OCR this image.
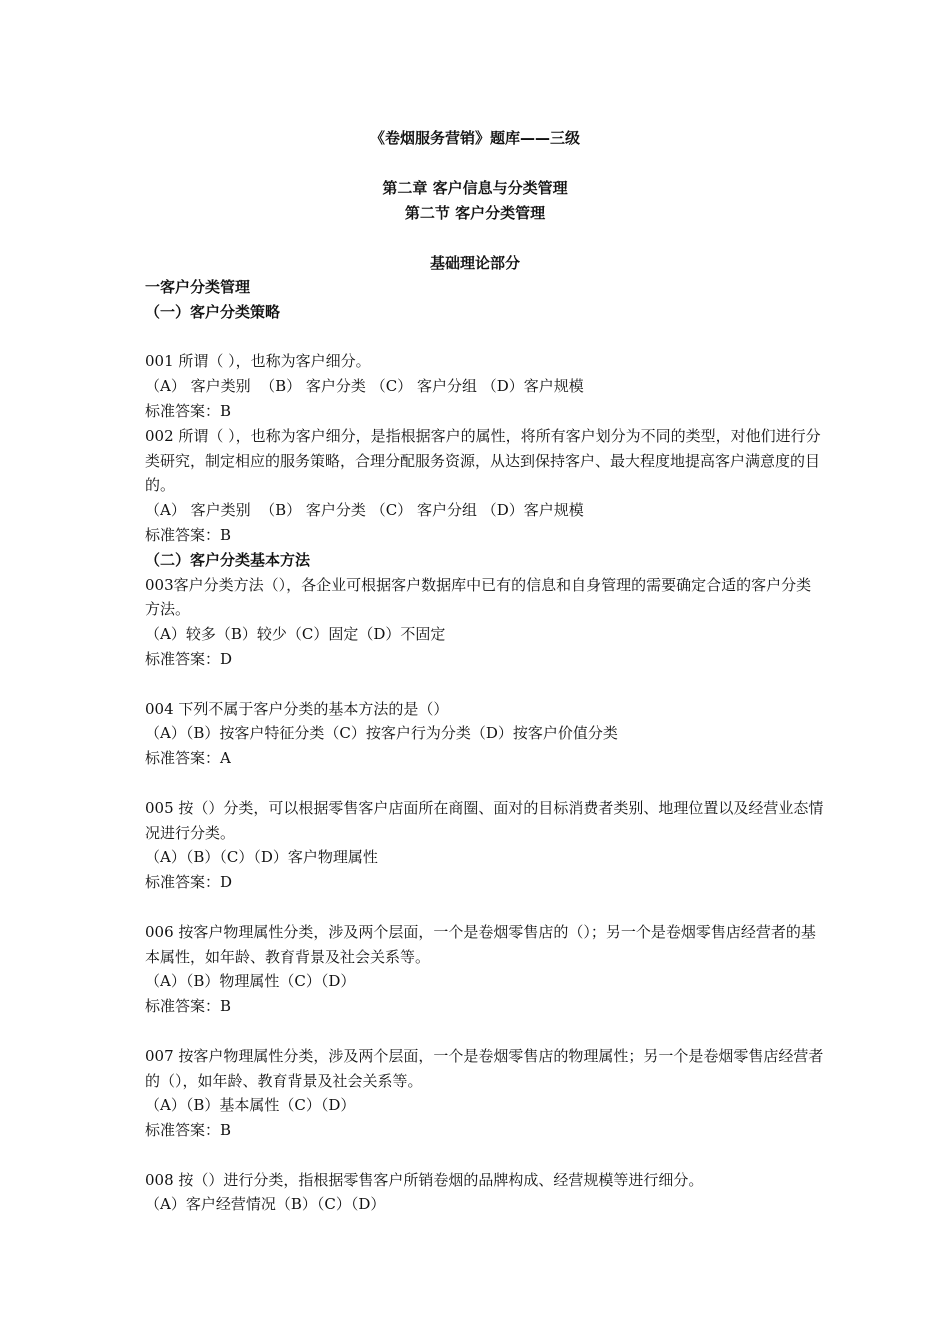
《卷烟服务营销》题库——三级
第二章 客户信息与分类管理
第二节 客户分类管理
基础理论部分
一客户分类管理
（一）客户分类策略
001 所谓（ ），也称为客户细分。
（A） 客户类别  （B） 客户分类 （C） 客户分组 （D）客户规模
标准答案：B
002 所谓（ ），也称为客户细分，是指根据客户的属性，将所有客户划分为不同的类型，对他们进行分类研究，制定相应的服务策略，合理分配服务资源，从达到保持客户、最大程度地提高客户满意度的目的。
（A） 客户类别  （B） 客户分类 （C） 客户分组 （D）客户规模
标准答案：B
（二）客户分类基本方法
003客户分类方法（），各企业可根据客户数据库中已有的信息和自身管理的需要确定合适的客户分类方法。
（A）较多（B）较少（C）固定（D）不固定
标准答案：D
004 下列不属于客户分类的基本方法的是（）
（A）（B）按客户特征分类（C）按客户行为分类（D）按客户价值分类
标准答案：A
005 按（）分类，可以根据零售客户店面所在商圈、面对的目标消费者类别、地理位置以及经营业态情况进行分类。
（A）（B）（C）（D）客户物理属性
标准答案：D
006 按客户物理属性分类，涉及两个层面，一个是卷烟零售店的（）；另一个是卷烟零售店经营者的基本属性，如年龄、教育背景及社会关系等。
（A）（B）物理属性（C）（D）
标准答案：B
007 按客户物理属性分类，涉及两个层面，一个是卷烟零售店的物理属性；另一个是卷烟零售店经营者的（），如年龄、教育背景及社会关系等。
（A）（B）基本属性（C）（D）
标准答案：B
008 按（）进行分类，指根据零售客户所销卷烟的品牌构成、经营规模等进行细分。
（A）客户经营情况（B）（C）（D）
